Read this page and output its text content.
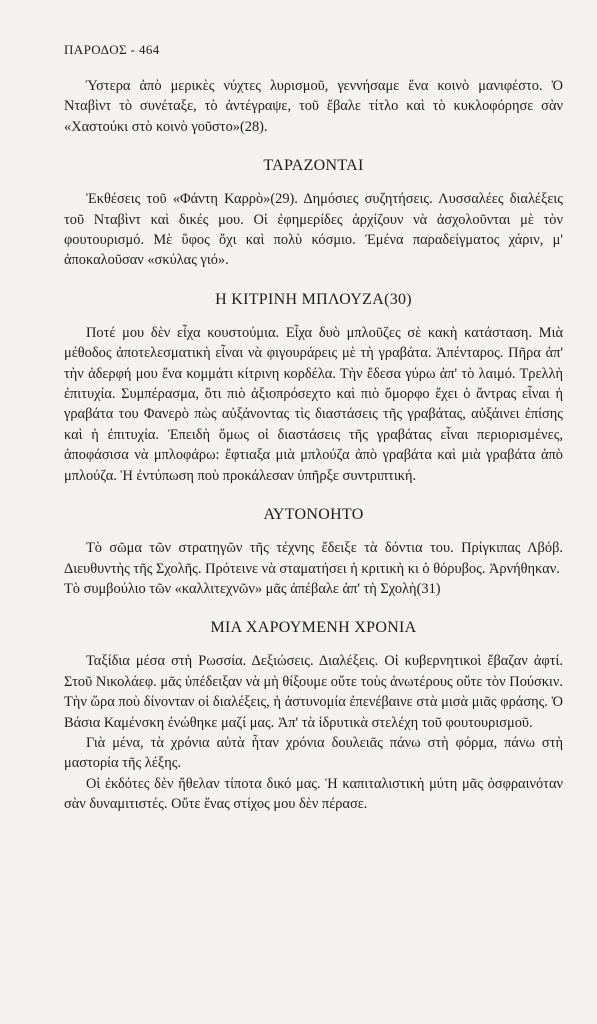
ΠΑΡΟΔΟΣ - 464

Ύστερα ἀπὸ μερικὲς νύχτες λυρισμοῦ, γεννήσαμε ἕνα κοινὸ μανιφέστο. Ὁ Νταβὶντ τὸ συνέταξε, τὸ ἀντέγραψε, τοῦ ἔβαλε τίτλο καὶ τὸ κυκλοφόρησε σὰν «Χαστούκι στὸ κοινὸ γοῦστο»(28).

ΤΑΡΑΖΟΝΤΑΙ

Ἐκθέσεις τοῦ «Φάντη Καρρὸ»(29). Δημόσιες συζητήσεις. Λυσσαλέες διαλέξεις τοῦ Νταβὶντ καὶ δικές μου. Οἱ ἐφημερίδες ἀρχίζουν νὰ ἀσχολοῦνται μὲ τὸν φουτουρισμό. Μὲ ὕφος ὄχι καὶ πολὺ κόσμιο. Ἐμένα παραδείγματος χάριν, μ' ἀποκαλοῦσαν «σκύλας γιό».

Η ΚΙΤΡΙΝΗ ΜΠΛΟΥΖΑ(30)

Ποτέ μου δὲν εἶχα κουστούμια. Εἶχα δυὸ μπλοῦζες σὲ κακὴ κατάσταση. Μιὰ μέθοδος ἀποτελεσματικὴ εἶναι νὰ φιγουράρεις μὲ τὴ γραβάτα. Ἀπένταρος. Πῆρα ἀπ' τὴν ἀδερφή μου ἕνα κομμάτι κίτρινη κορδέλα. Τὴν ἔδεσα γύρω ἀπ' τὸ λαιμό. Τρελλὴ ἐπιτυχία. Συμπέρασμα, ὅτι πιὸ ἀξιοπρόσεχτο καὶ πιὸ ὄμορφο ἔχει ὁ ἄντρας εἶναι ἡ γραβάτα του Φανερὸ πὼς αὐξάνοντας τὶς διαστάσεις τῆς γραβάτας, αὐξάινει ἐπίσης καὶ ἡ ἐπιτυχία. Ἐπειδὴ ὅμως οἱ διαστάσεις τῆς γραβάτας εἶναι περιορισμένες, ἀποφάσισα νὰ μπλοφάρω: ἔφτιαξα μιὰ μπλούζα ἀπὸ γραβάτα καὶ μιὰ γραβάτα ἀπὸ μπλούζα. Ἡ ἐντύπωση ποὺ προκάλεσαν ὑπῆρξε συντριπτική.

ΑΥΤΟΝΟΗΤΟ

Τὸ σῶμα τῶν στρατηγῶν τῆς τέχνης ἔδειξε τὰ δόντια του. Πρίγκιπας Λβόβ. Διευθυντὴς τῆς Σχολῆς. Πρότεινε νὰ σταματήσει ἡ κριτικὴ κι ὁ θόρυβος. Ἀρνήθηκαν.

Τὸ συμβούλιο τῶν «καλλιτεχνῶν» μᾶς ἀπέβαλε ἀπ' τὴ Σχολὴ(31)

ΜΙΑ ΧΑΡΟΥΜΕΝΗ ΧΡΟΝΙΑ

Ταξίδια μέσα στὴ Ρωσσία. Δεξιώσεις. Διαλέξεις. Οἱ κυβερνητικοὶ ἔβαζαν ἀφτί. Στοῦ Νικολάεφ. μᾶς ὑπέδειξαν νὰ μὴ θίξουμε οὔτε τοὺς ἀνωτέρους οὔτε τὸν Πούσκιν. Τὴν ὥρα ποὺ δίνονταν οἱ διαλέξεις, ἡ ἀστυνομία ἐπενέβαινε στὰ μισὰ μιᾶς φράσης. Ὁ Βάσια Καμένσκη ἐνώθηκε μαζί μας. Ἀπ' τὰ ἱδρυτικὰ στελέχη τοῦ φουτουρισμοῦ.

Γιὰ μένα, τὰ χρόνια αὐτὰ ἦταν χρόνια δουλειᾶς πάνω στὴ φόρμα, πάνω στὴ μαστορία τῆς λέξης.

Οἱ ἐκδότες δὲν ἤθελαν τίποτα δικό μας. Ἡ καπιταλιστικὴ μύτη μᾶς ὀσφραινόταν σὰν δυναμιτιστές. Οὔτε ἕνας στίχος μου δὲν πέρασε.
